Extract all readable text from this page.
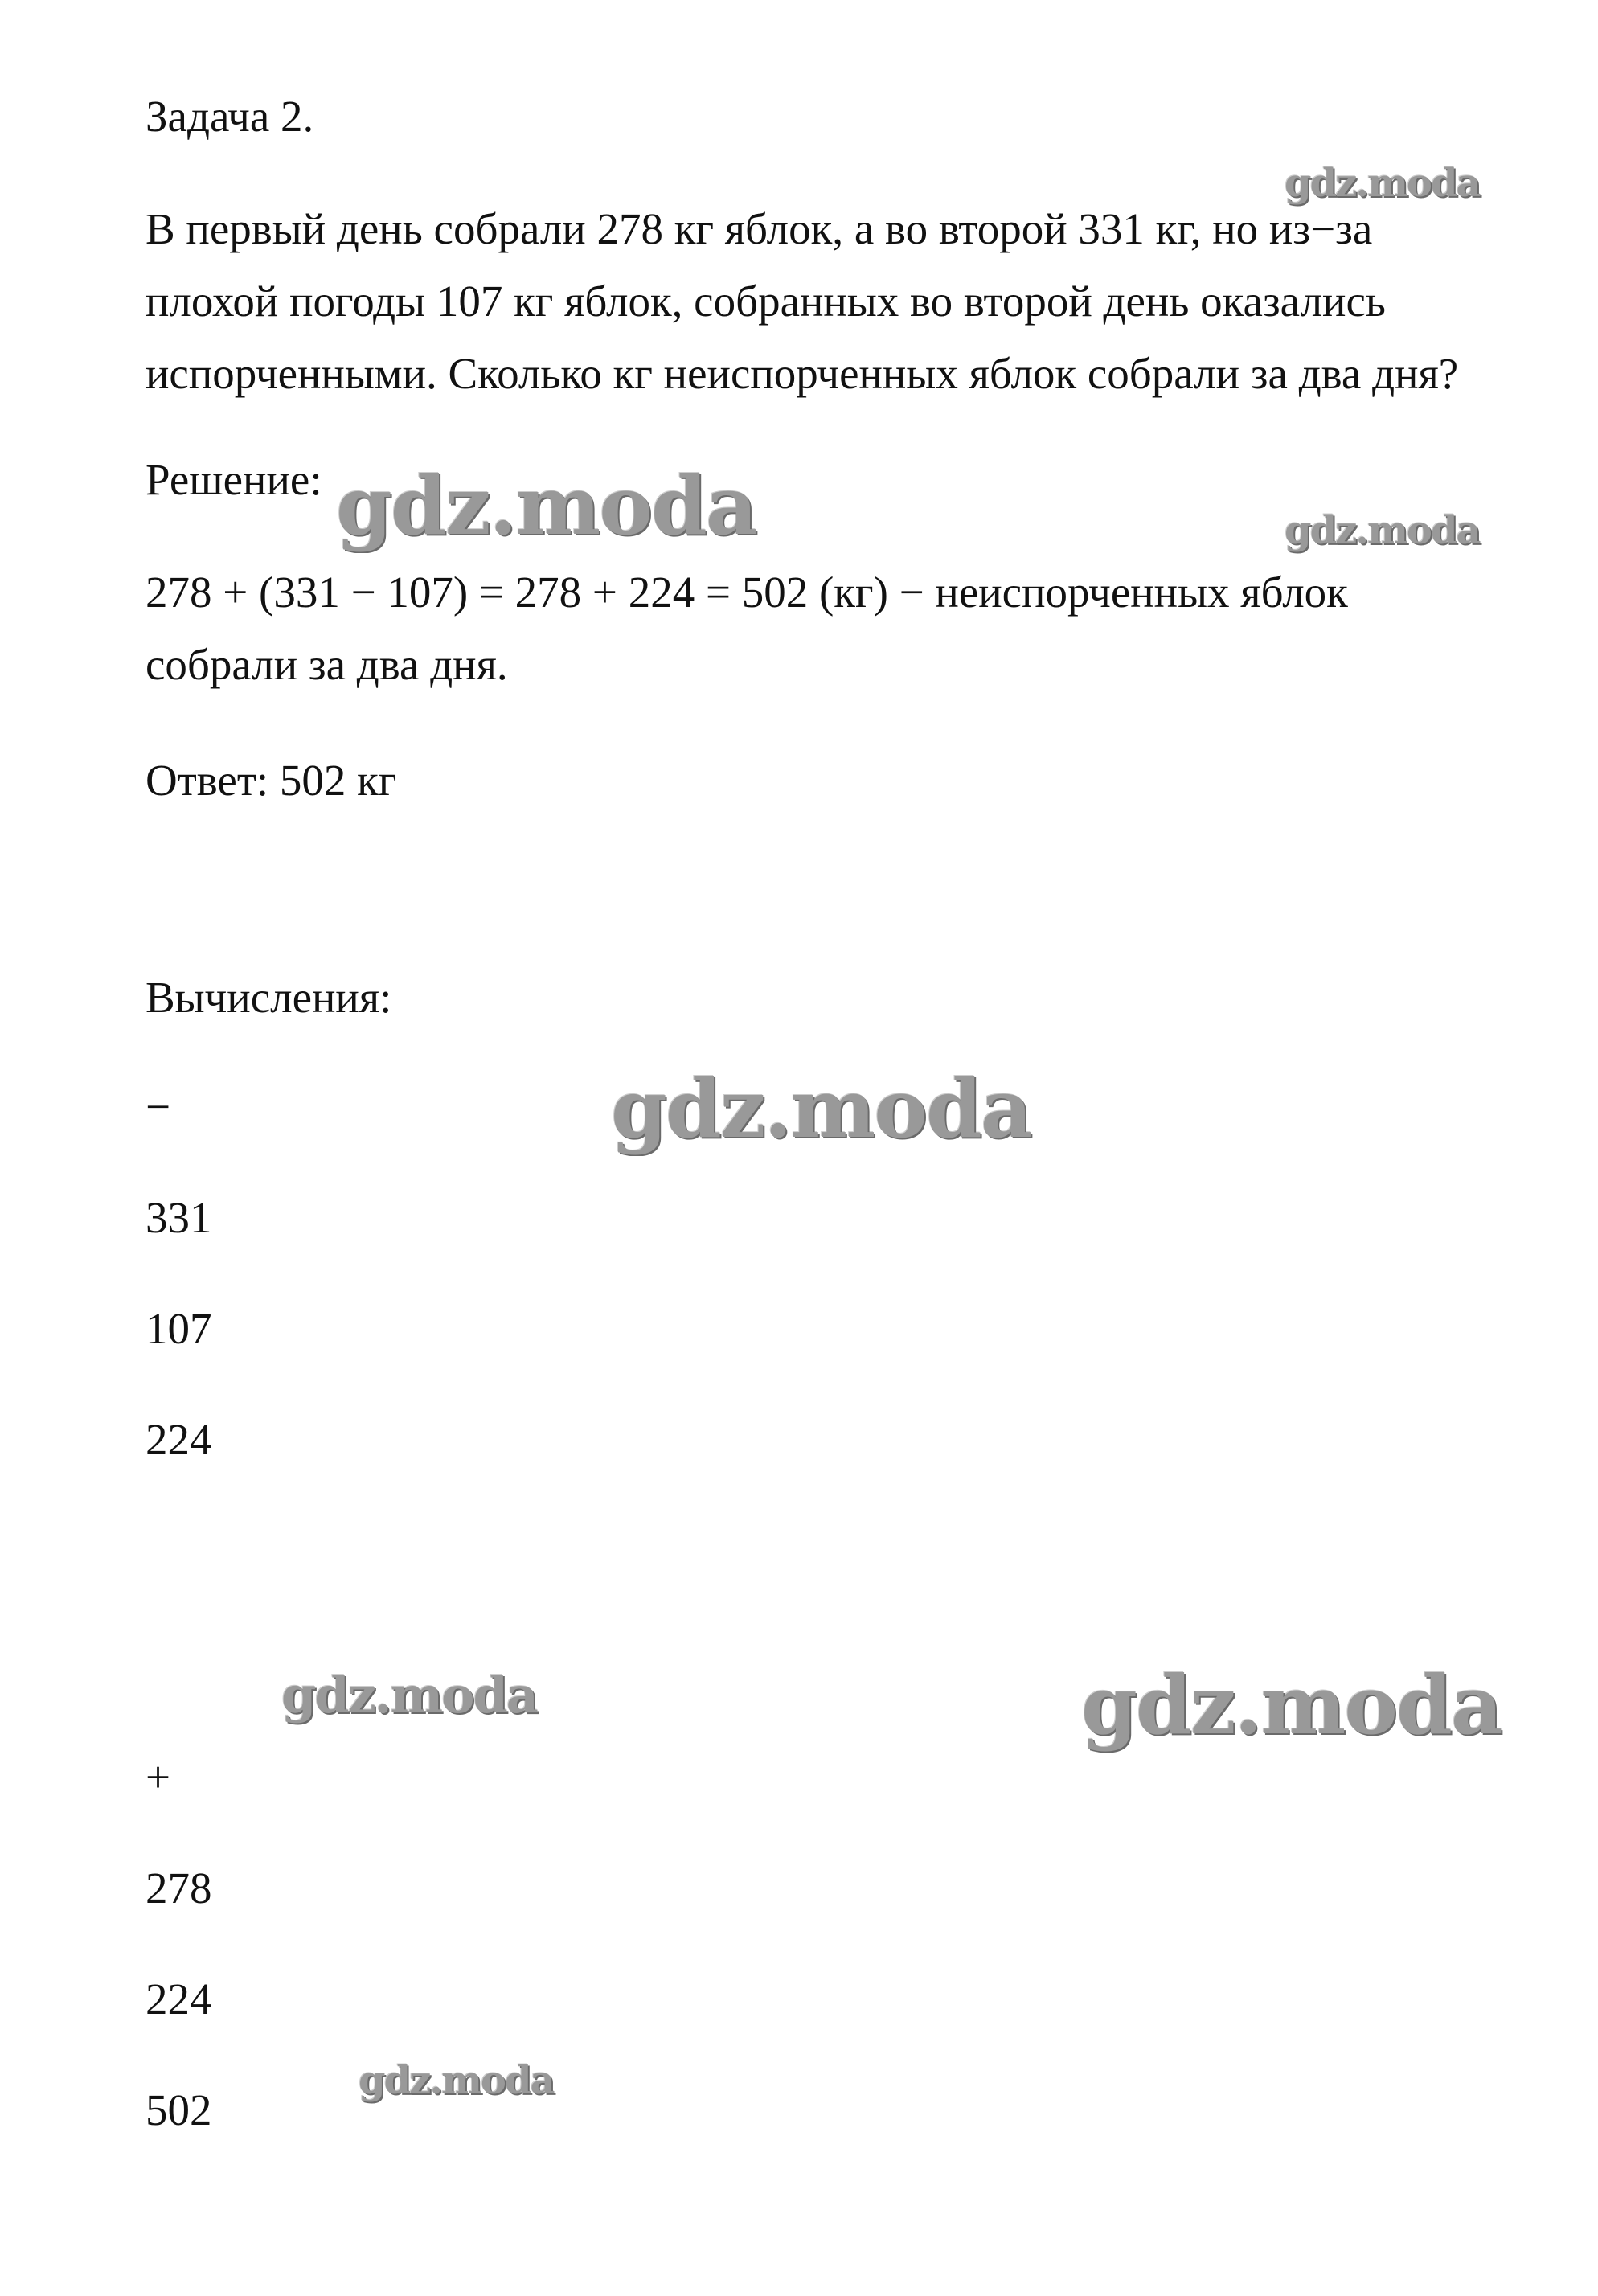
Задача 2.
В первый день собрали 278 кг яблок, а во второй 331 кг, но из−за
плохой погоды 107 кг яблок, собранных во второй день оказались
испорченными. Сколько кг неиспорченных яблок собрали за два дня?
Решение:
278 + (331 − 107) = 278 + 224 = 502 (кг) − неиспорченных яблок
собрали за два дня.
Ответ: 502 кг
Вычисления:
−
331
107
224
+
278
224
502
gdz.moda
gdz.moda	gdz.moda
gdz.moda
gdz.moda	gdz.moda
gdz.moda
